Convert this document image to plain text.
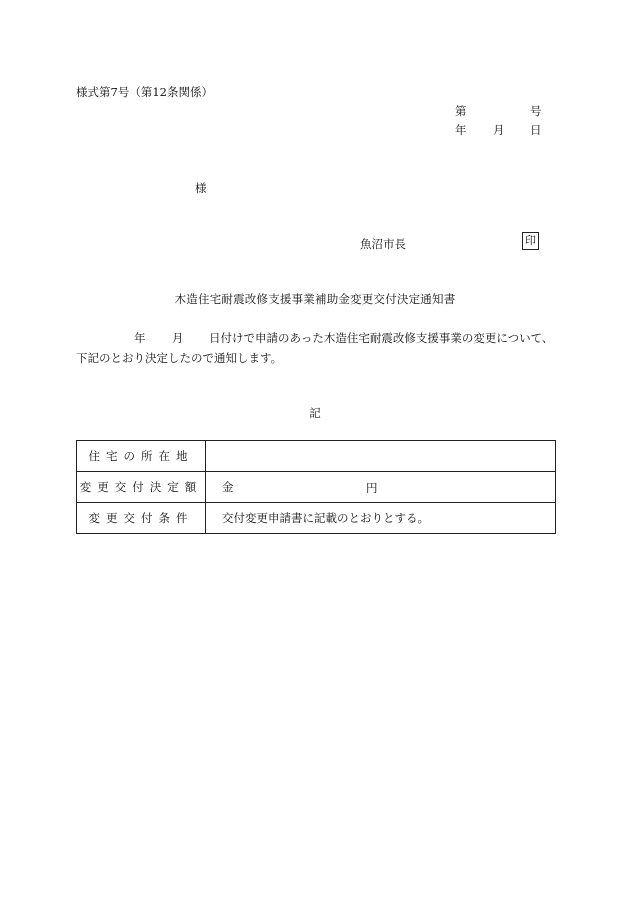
様式第7号（第12条関係）
第	号
年 月 日
様
魚沼市長	印
木造住宅耐震改修支援事業補助金変更交付決定通知書
年 月 日付けで申請のあった木造住宅耐震改修支援事業の変更について、
下記のとおり決定したので通知します。
記
住宅の所在地	
変更交付決定額	金 円

変更交付条件	交付変更申請書に記載のとおりとする。
